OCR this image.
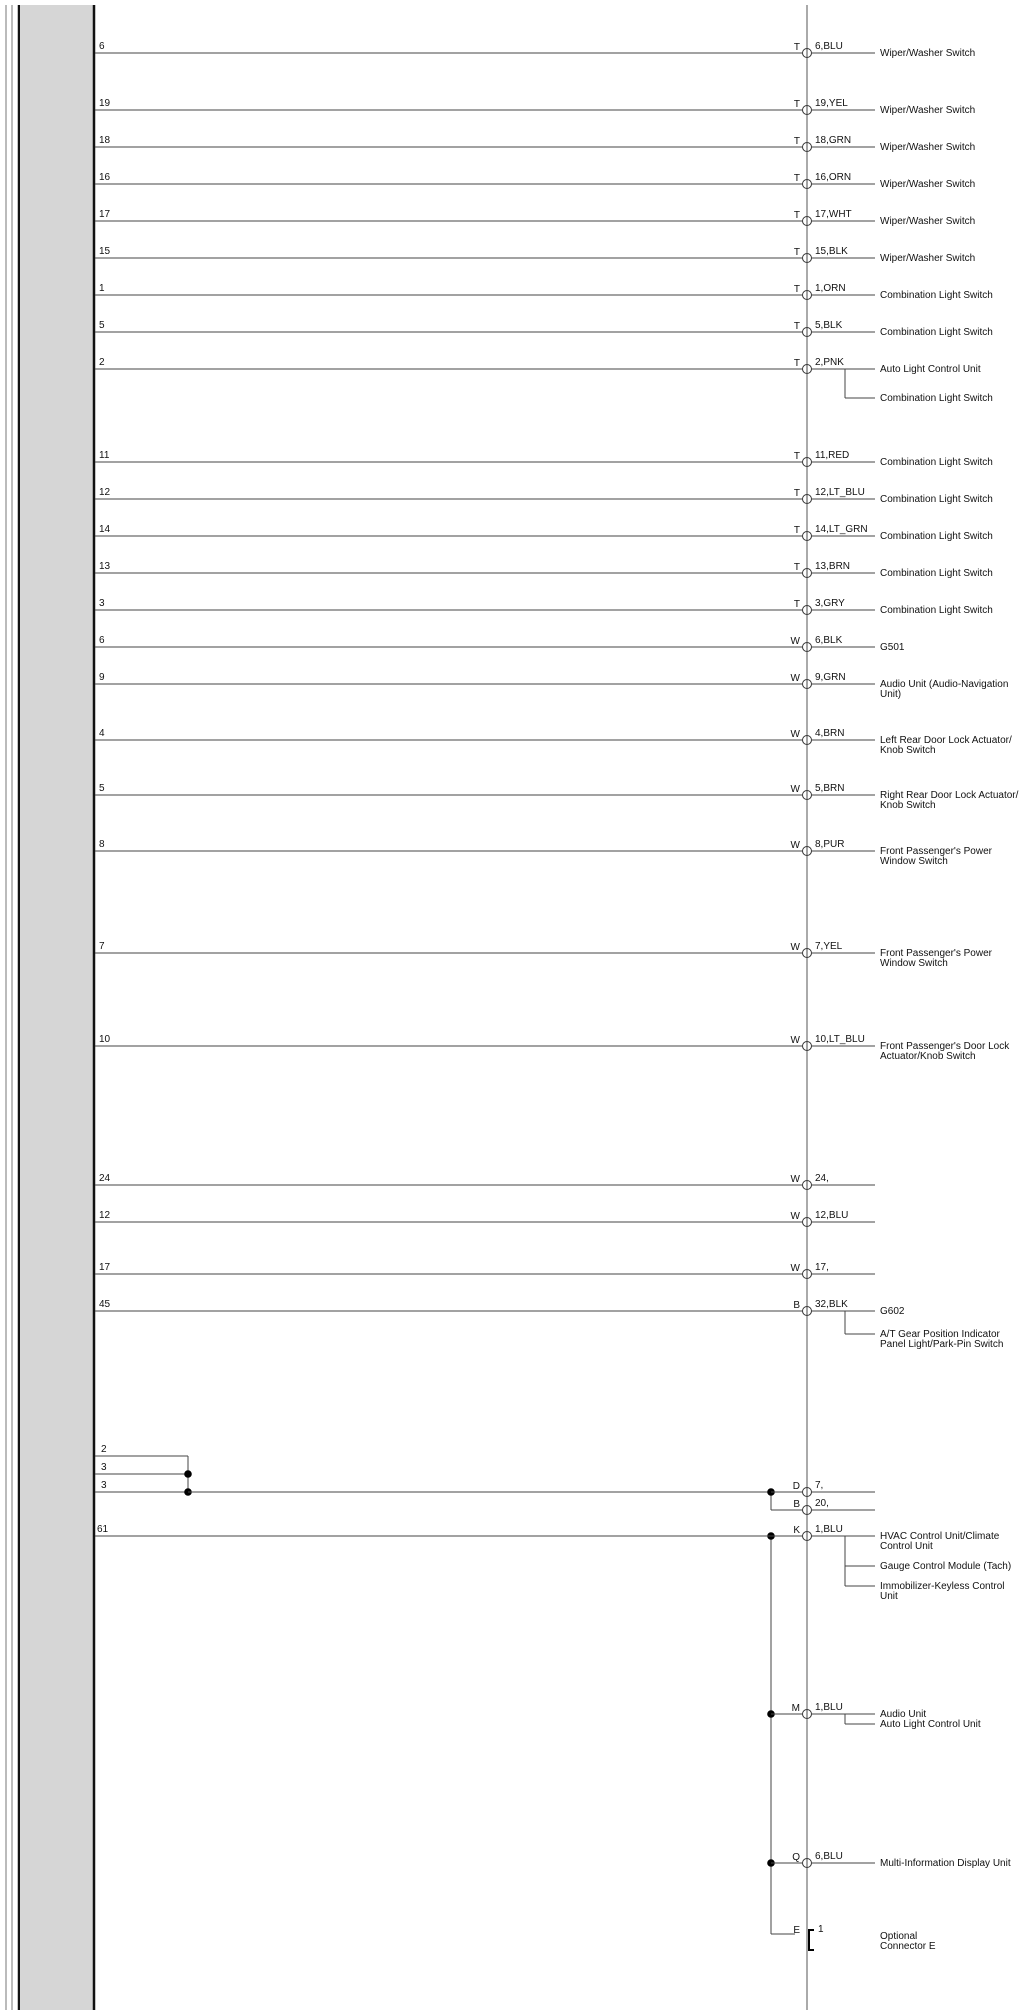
6	T 6,BLU
Wiper/Washer Switch
19	T 19,YEL
Wiper/Washer Switch
18	T 18,GRN
Wiper/Washer Switch
16	T 16,ORN
Wiper/Washer Switch
17	T 17,WHT
Wiper/Washer Switch
15	T 15,BLK
Wiper/Washer Switch
1	T 1,ORN
Combination Light Switch
5	T 5,BLK
Combination Light Switch
2	T 2,PNK
Auto Light Control Unit
Combination Light Switch
11	T 11,RED
Combination Light Switch
12	T 12,LT_BLU
Combination Light Switch
14	T 14,LT_GRN
Combination Light Switch
13	T 13,BRN
Combination Light Switch
3	T 3,GRY
Combination Light Switch
6	W 6,BLK
G501
9	W 9,GRN
Audio Unit (Audio-Navigation
Unit)
4	W 4,BRN
Left Rear Door Lock Actuator/
Knob Switch
5	W 5,BRN
Right Rear Door Lock Actuator/
Knob Switch
8	W 8,PUR
Front Passenger's Power
Window Switch
7	W 7,YEL
Front Passenger's Power
Window Switch
10	W 10,LT_BLU
Front Passenger's Door Lock
Actuator/Knob Switch
24	W 24,
12	W 12,BLU
17	W 17,
45	B 32,BLK
G602
A/T Gear Position Indicator
Panel Light/Park-Pin Switch
2
3
3	D 7,
B 20,
61	K 1,BLU
HVAC Control Unit/Climate
Control Unit
Gauge Control Module (Tach)
Immobilizer-Keyless Control
Unit
M 1,BLU
Audio Unit
Auto Light Control Unit
Q 6,BLU
Multi-Information Display Unit
E 1
Optional
Connector E
